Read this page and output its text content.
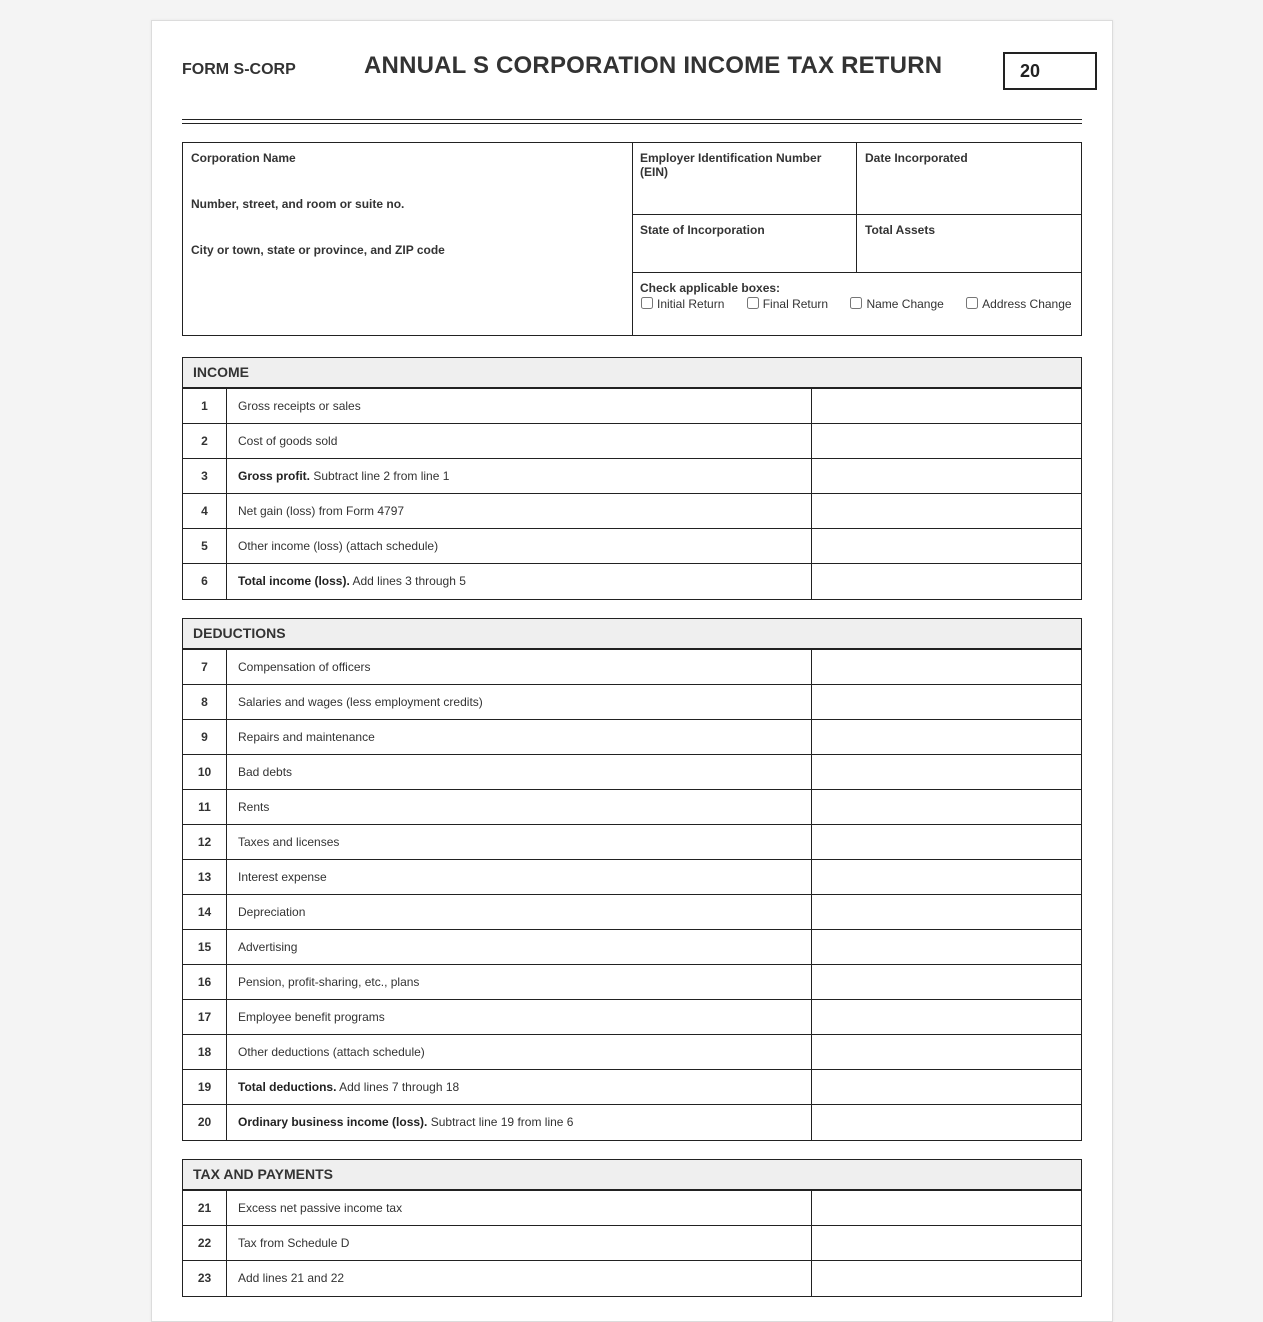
FORM S-CORP	ANNUAL S CORPORATION INCOME TAX RETURN
20
Corporation Name
Number, street, and room or suite no.
City or town, state or province, and ZIP code
Employer Identification Number (EIN)
Date Incorporated
State of Incorporation	Total Assets
Check applicable boxes:
Initial Return	Final Return	Name Change	Address Change
INCOME
1	Gross receipts or sales
2	Cost of goods sold
3	Gross profit. Subtract line 2 from line 1
4	Net gain (loss) from Form 4797
5	Other income (loss) (attach schedule)
6	Total income (loss). Add lines 3 through 5
DEDUCTIONS
7	Compensation of officers
8	Salaries and wages (less employment credits)
9	Repairs and maintenance
10	Bad debts
11	Rents
12	Taxes and licenses
13	Interest expense
14	Depreciation
15	Advertising
16	Pension, profit-sharing, etc., plans
17	Employee benefit programs
18	Other deductions (attach schedule)
19	Total deductions. Add lines 7 through 18
20	Ordinary business income (loss). Subtract line 19 from line 6
TAX AND PAYMENTS
21	Excess net passive income tax
22	Tax from Schedule D
23	Add lines 21 and 22
